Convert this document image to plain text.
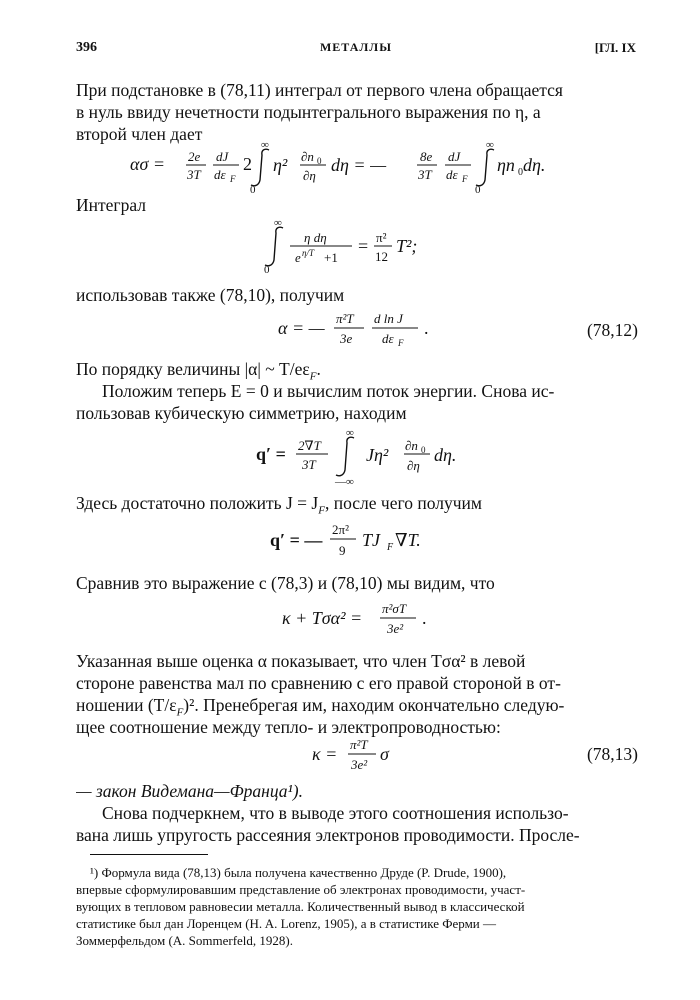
396	МЕТАЛЛЫ	[ГЛ. IX
При подстановке в (78,11) интеграл от первого члена обращается
в нуль ввиду нечетности подынтегрального выражения по η, а
второй член дает
ασ = 2e
3T
dJ
dε F
2
∞
0
η² ∂n 0
∂η
dη = —	8e
3T
dJ
dε F
∞
0
ηn 0 dη.
Интеграл
∞
0
η dη
e η/T +1
= π²
12
T²;
использовав также (78,10), получим
α = — π²T
3e
d ln J
dε F
.	(78,12)
По порядку величины |α| ~ $T/e\varepsilon_F$.
Положим теперь E = 0 и вычислим поток энергии. Снова ис-
пользовав кубическую симметрию, находим
q′ = 2∇T
3T
∞
—∞
Jη² ∂n 0
∂η
dη.
Здесь достаточно положить $J = J_F$, после чего получим
q′ = —
2π²
9
TJ F ∇T.
Сравнив это выражение с (78,3) и (78,10) мы видим, что
κ + Tσα² = π²σT
3e²
.
Указанная выше оценка α показывает, что член Tσα² в левой
стороне равенства мал по сравнению с его правой стороной в от-
ношении $(T/\varepsilon_F)^2$. Пренебрегая им, находим окончательно следую-
щее соотношение между тепло- и электропроводностью:
κ = π²T
3e²
σ	(78,13)
— закон Видемана—Франца¹).
Снова подчеркнем, что в выводе этого соотношения использо-
вана лишь упругость рассеяния электронов проводимости. Просле-
¹) Формула вида (78,13) была получена качественно Друде (P. Drude, 1900),
впервые сформулировавшим представление об электронах проводимости, участ-
вующих в тепловом равновесии металла. Количественный вывод в классической
статистике был дан Лоренцем (H. A. Lorenz, 1905), а в статистике Ферми —
Зоммерфельдом (A. Sommerfeld, 1928).
